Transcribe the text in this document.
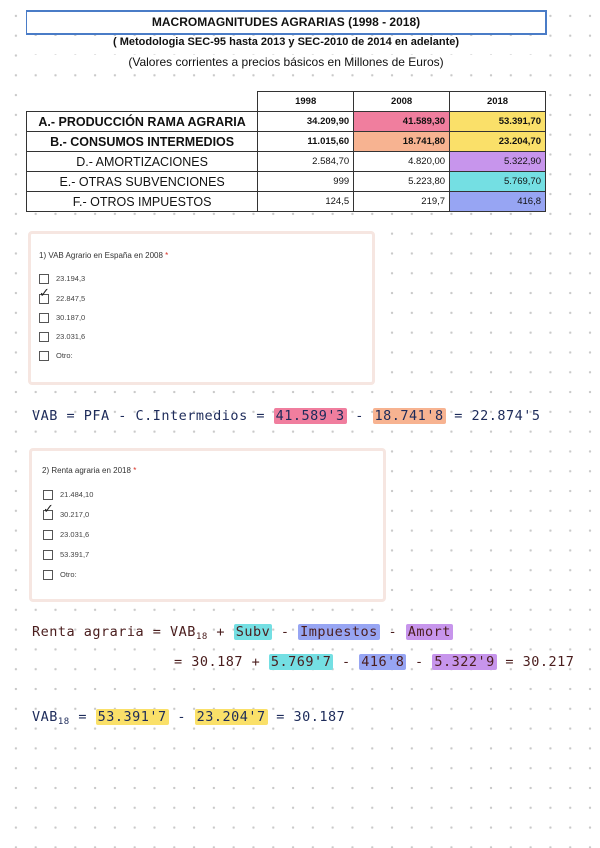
MACROMAGNITUDES AGRARIAS (1998 - 2018)
( Metodologia SEC-95 hasta 2013 y SEC-2010 de 2014 en adelante)
(Valores corrientes a precios básicos en Millones de Euros)
	1998	2008	2018
A.- PRODUCCIÓN RAMA AGRARIA	34.209,90	41.589,30	53.391,70
B.- CONSUMOS INTERMEDIOS	11.015,60	18.741,80	23.204,70
D.- AMORTIZACIONES	2.584,70	4.820,00	5.322,90
E.- OTRAS SUBVENCIONES	999	5.223,80	5.769,70
F.- OTROS IMPUESTOS	124,5	219,7	416,8
1) VAB Agrario en España en 2008 *
23.194,3
✓ 22.847,5
30.187,0
23.031,6
Otro:
VAB = PFA - C.Intermedios = 41.589'3 - 18.741'8 = 22.874'5
2) Renta agraria en 2018 *
21.484,10
✓ 30.217,0
23.031,6
53.391,7
Otro:
Renta agraria = $VAB_{18}$ + Subv - Impuestos - Amort
= 30.187 + 5.769'7 - 416'8 - 5.322'9 = 30.217
$VAB_{18} = 53.391'7 - 23.204'7 = 30.187$
